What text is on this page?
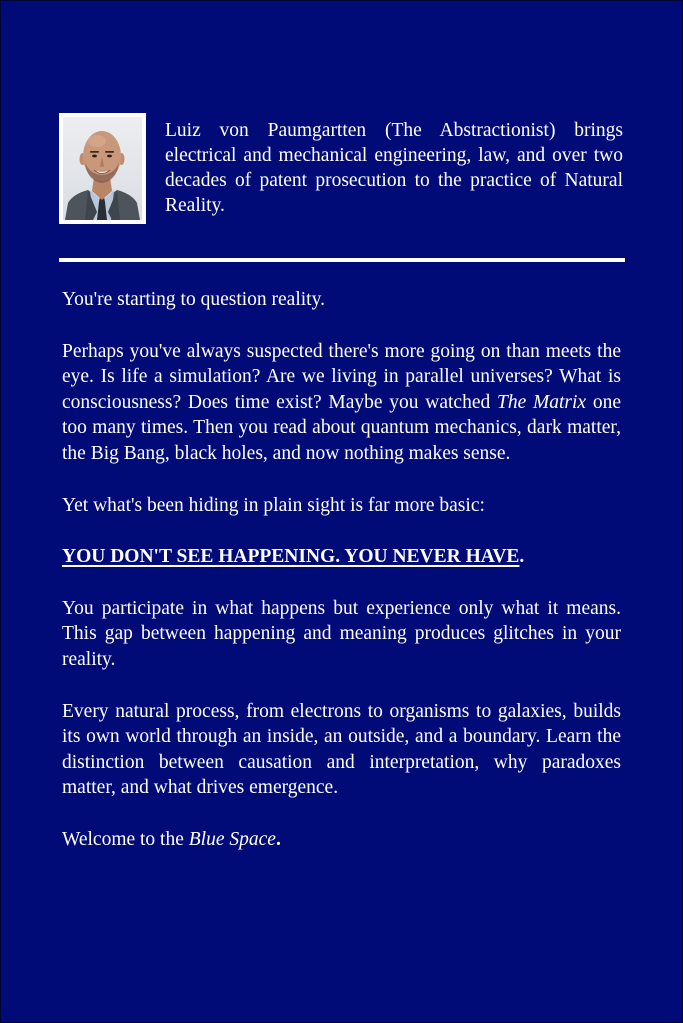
Luiz von Paumgartten (The Abstractionist) brings electrical and mechanical engineering, law, and over two decades of patent prosecution to the practice of Natural Reality.

You're starting to question reality.

Perhaps you've always suspected there's more going on than meets the eye. Is life a simulation? Are we living in parallel universes? What is consciousness? Does time exist? Maybe you watched The Matrix one too many times. Then you read about quantum mechanics, dark matter, the Big Bang, black holes, and now nothing makes sense.

Yet what's been hiding in plain sight is far more basic:

YOU DON'T SEE HAPPENING. YOU NEVER HAVE.

You participate in what happens but experience only what it means. This gap between happening and meaning produces glitches in your reality.

Every natural process, from electrons to organisms to galaxies, builds its own world through an inside, an outside, and a boundary. Learn the distinction between causation and interpretation, why paradoxes matter, and what drives emergence.

Welcome to the Blue Space.
